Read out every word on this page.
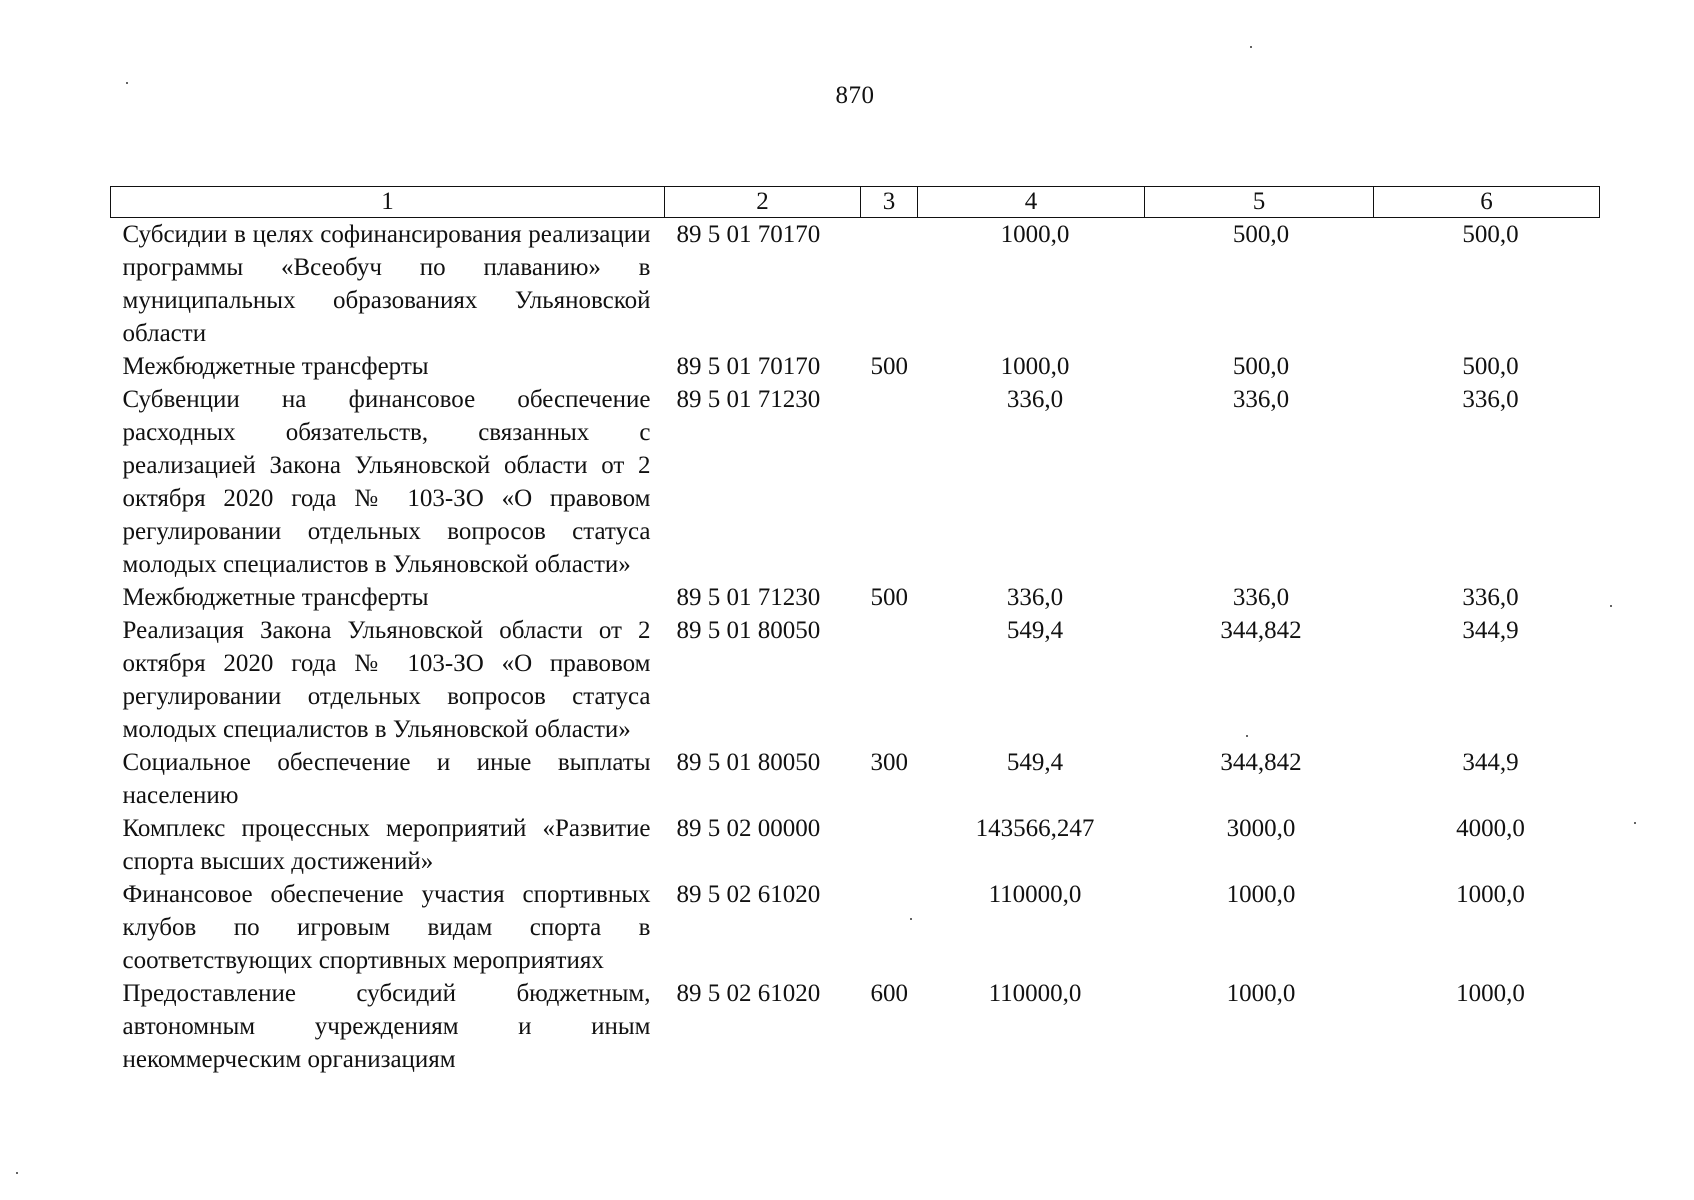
870
1	2	3	4	5	6
Субсидии в целях софинансирования реализации программы «Всеобуч по плаванию» в муниципальных образованиях Ульяновской области	89 5 01 70170		1000,0	500,0	500,0
Межбюджетные трансферты	89 5 01 70170	500	1000,0	500,0	500,0
Субвенции на финансовое обеспечение расходных обязательств, связанных с реализацией Закона Ульяновской области от 2 октября 2020 года № 103-ЗО «О правовом регулировании отдельных вопросов статуса молодых специалистов в Ульяновской области»	89 5 01 71230		336,0	336,0	336,0
Межбюджетные трансферты	89 5 01 71230	500	336,0	336,0	336,0
Реализация Закона Ульяновской области от 2 октября 2020 года № 103-ЗО «О правовом регулировании отдельных вопросов статуса молодых специалистов в Ульяновской области»	89 5 01 80050		549,4	344,842	344,9
Социальное обеспечение и иные выплаты населению	89 5 01 80050	300	549,4	344,842	344,9
Комплекс процессных мероприятий «Развитие спорта высших достижений»	89 5 02 00000		143566,247	3000,0	4000,0
Финансовое обеспечение участия спортивных клубов по игровым видам спорта в соответствующих спортивных мероприятиях	89 5 02 61020		110000,0	1000,0	1000,0
Предоставление субсидий бюджетным, автономным учреждениям и иным некоммерческим организациям	89 5 02 61020	600	110000,0	1000,0	1000,0
